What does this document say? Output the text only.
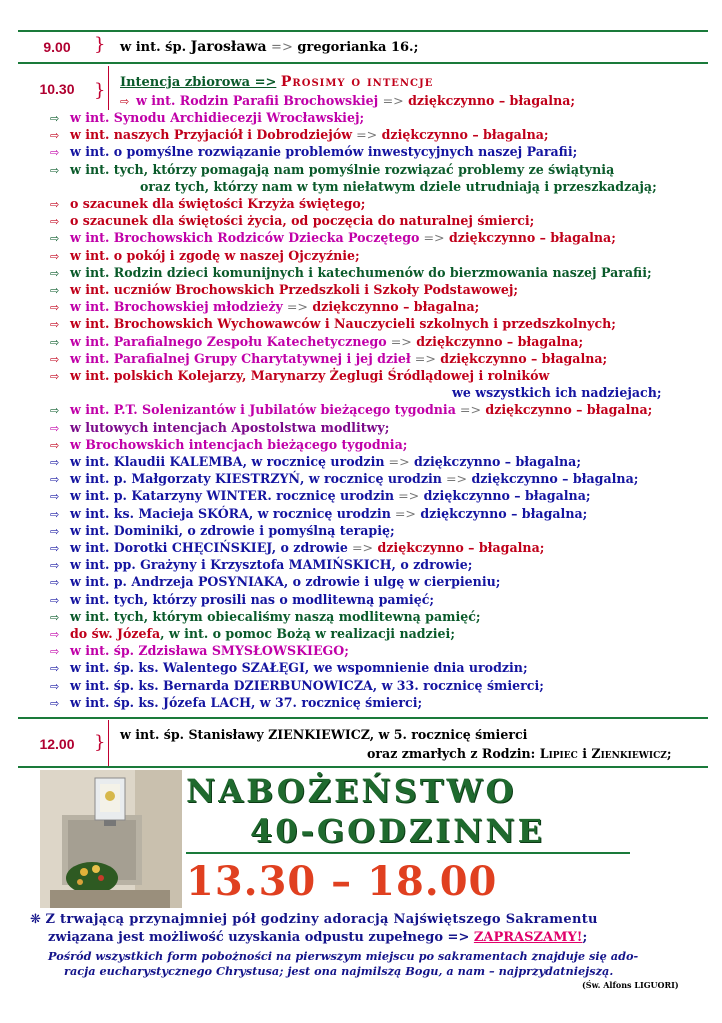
9.00	} w int. śp. Jarosława => gregorianka 16.;
10.30	} Intencja zbiorowa => Prosimy o intencje
⇨ w int. Rodzin Parafii Brochowskiej => dziękczynno – błagalna;
⇨ w int. Synodu Archidiecezji Wrocławskiej;
⇨ w int. naszych Przyjaciół i Dobrodziejów => dziękczynno – błagalna;
⇨ w int. o pomyślne rozwiązanie problemów inwestycyjnych naszej Parafii;
⇨ w int. tych, którzy pomagają nam pomyślnie rozwiązać problemy ze świątynią
oraz tych, którzy nam w tym niełatwym dziele utrudniają i przeszkadzają;
⇨ o szacunek dla świętości Krzyża świętego;
⇨ o szacunek dla świętości życia, od poczęcia do naturalnej śmierci;
⇨ w int. Brochowskich Rodziców Dziecka Poczętego => dziękczynno – błagalna;
⇨ w int. o pokój i zgodę w naszej Ojczyźnie;
⇨ w int. Rodzin dzieci komunijnych i katechumenów do bierzmowania naszej Parafii;
⇨ w int. uczniów Brochowskich Przedszkoli i Szkoły Podstawowej;
⇨ w int. Brochowskiej młodzieży => dziękczynno – błagalna;
⇨ w int. Brochowskich Wychowawców i Nauczycieli szkolnych i przedszkolnych;
⇨ w int. Parafialnego Zespołu Katechetycznego => dziękczynno – błagalna;
⇨ w int. Parafialnej Grupy Charytatywnej i jej dzieł => dziękczynno – błagalna;
⇨ w int. polskich Kolejarzy, Marynarzy Żeglugi Śródlądowej i rolników
we wszystkich ich nadziejach;
⇨ w int. P.T. Solenizantów i Jubilatów bieżącego tygodnia => dziękczynno – błagalna;
⇨ w lutowych intencjach Apostolstwa modlitwy;
⇨ w Brochowskich intencjach bieżącego tygodnia;
⇨ w int. Klaudii KALEMBA, w rocznicę urodzin => dziękczynno – błagalna;
⇨ w int. p. Małgorzaty KIESTRZYŃ, w rocznicę urodzin => dziękczynno – błagalna;
⇨ w int. p. Katarzyny WINTER. rocznicę urodzin => dziękczynno – błagalna;
⇨ w int. ks. Macieja SKÓRA, w rocznicę urodzin => dziękczynno – błagalna;
⇨ w int. Dominiki, o zdrowie i pomyślną terapię;
⇨ w int. Dorotki CHĘCIŃSKIEJ, o zdrowie => dziękczynno – błagalna;
⇨ w int. pp. Grażyny i Krzysztofa MAMIŃSKICH, o zdrowie;
⇨ w int. p. Andrzeja POSYNIAKA, o zdrowie i ulgę w cierpieniu;
⇨ w int. tych, którzy prosili nas o modlitewną pamięć;
⇨ w int. tych, którym obiecaliśmy naszą modlitewną pamięć;
⇨ do św. Józefa, w int. o pomoc Bożą w realizacji nadziei;
⇨ w int. śp. Zdzisława SMYSŁOWSKIEGO;
⇨ w int. śp. ks. Walentego SZAŁĘGI, we wspomnienie dnia urodzin;
⇨ w int. śp. ks. Bernarda DZIERBUNOWICZA, w 33. rocznicę śmierci;
⇨ w int. śp. ks. Józefa LACH, w 37. rocznicę śmierci;
12.00	} w int. śp. Stanisławy ZIENKIEWICZ, w 5. rocznicę śmierci
oraz zmarłych z Rodzin: Lipiec i Zienkiewicz;
NABOŻEŃSTWO
40-GODZINNE
13.30 – 18.00
❋ Z trwającą przynajmniej pół godziny adoracją Najświętszego Sakramentu
związana jest możliwość uzyskania odpustu zupełnego => ZAPRASZAMY!;
Pośród wszystkich form pobożności na pierwszym miejscu po sakramentach znajduje się ado-
racja eucharystycznego Chrystusa; jest ona najmilszą Bogu, a nam – najprzydatniejszą.
(Św. Alfons LIGUORI)
